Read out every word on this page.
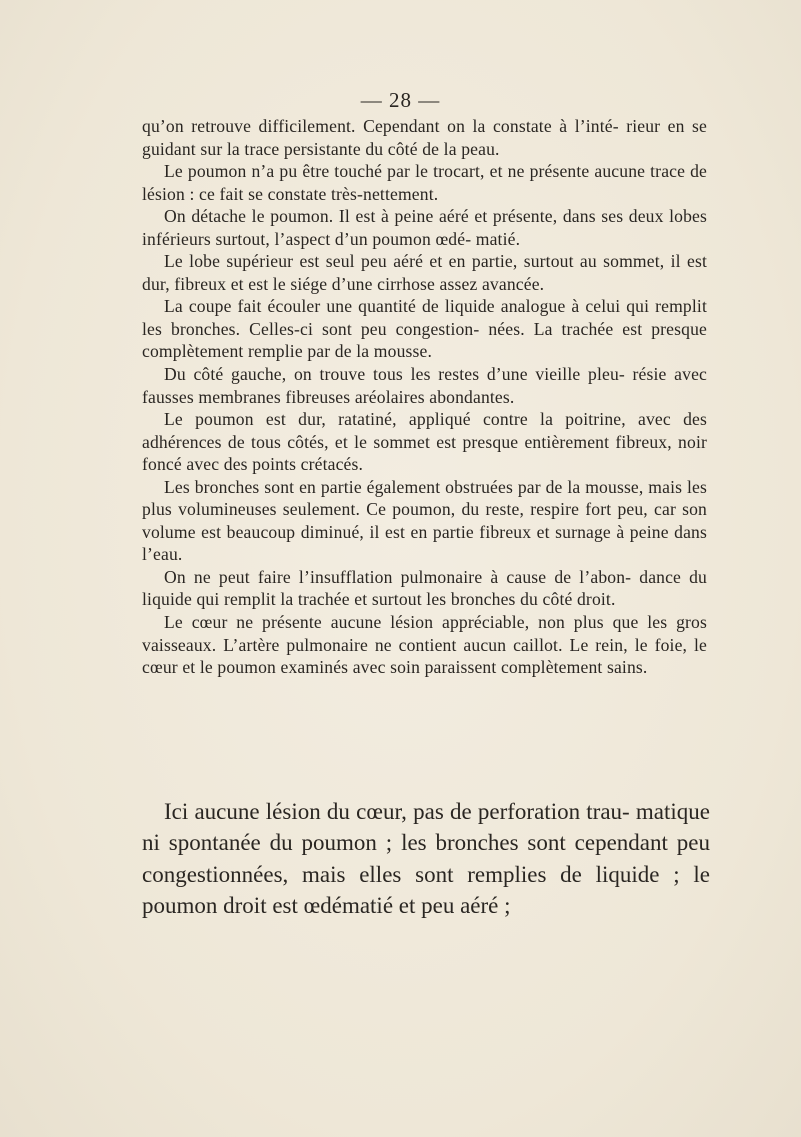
— 28 —

qu’on retrouve difficilement. Cependant on la constate à l’inté- rieur en se guidant sur la trace persistante du côté de la peau.

Le poumon n’a pu être touché par le trocart, et ne présente aucune trace de lésion : ce fait se constate très-nettement.

On détache le poumon. Il est à peine aéré et présente, dans ses deux lobes inférieurs surtout, l’aspect d’un poumon œdé- matié.

Le lobe supérieur est seul peu aéré et en partie, surtout au sommet, il est dur, fibreux et est le siége d’une cirrhose assez avancée.

La coupe fait écouler une quantité de liquide analogue à celui qui remplit les bronches. Celles-ci sont peu congestion- nées. La trachée est presque complètement remplie par de la mousse.

Du côté gauche, on trouve tous les restes d’une vieille pleu- résie avec fausses membranes fibreuses aréolaires abondantes.

Le poumon est dur, ratatiné, appliqué contre la poitrine, avec des adhérences de tous côtés, et le sommet est presque entièrement fibreux, noir foncé avec des points crétacés.

Les bronches sont en partie également obstruées par de la mousse, mais les plus volumineuses seulement. Ce poumon, du reste, respire fort peu, car son volume est beaucoup diminué, il est en partie fibreux et surnage à peine dans l’eau.

On ne peut faire l’insufflation pulmonaire à cause de l’abon- dance du liquide qui remplit la trachée et surtout les bronches du côté droit.

Le cœur ne présente aucune lésion appréciable, non plus que les gros vaisseaux. L’artère pulmonaire ne contient aucun caillot. Le rein, le foie, le cœur et le poumon examinés avec soin paraissent complètement sains.

Ici aucune lésion du cœur, pas de perforation trau- matique ni spontanée du poumon ; les bronches sont cependant peu congestionnées, mais elles sont remplies de liquide ; le poumon droit est œdématié et peu aéré ;
